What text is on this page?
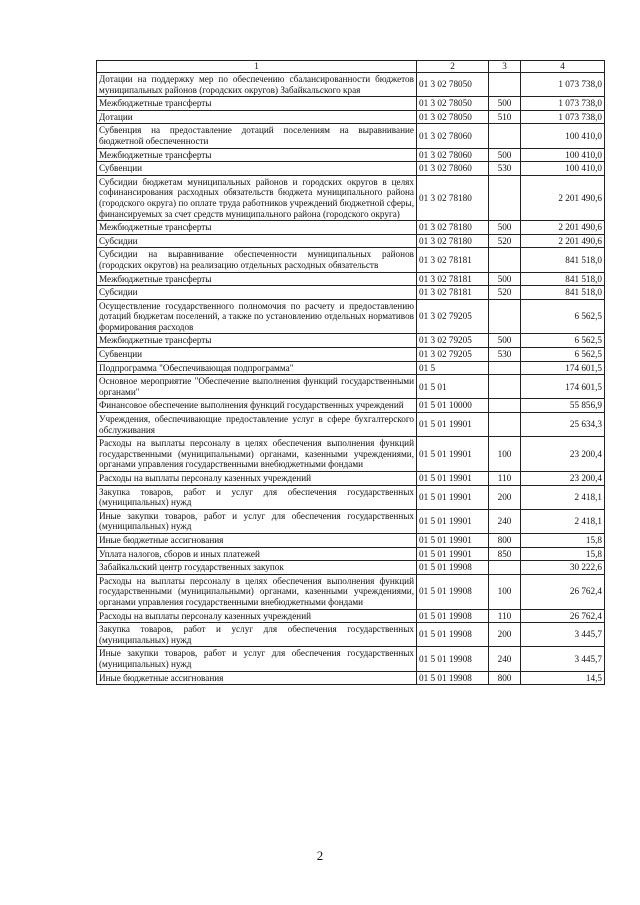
1	2	3	4
Дотации на поддержку мер по обеспечению сбалансированности бюджетов муниципальных районов (городских округов) Забайкальского края	01 3 02 78050		1 073 738,0
Межбюджетные трансферты	01 3 02 78050	500	1 073 738,0
Дотации	01 3 02 78050	510	1 073 738,0
Субвенция на предоставление дотаций поселениям на выравнивание бюджетной обеспеченности	01 3 02 78060		100 410,0
Межбюджетные трансферты	01 3 02 78060	500	100 410,0
Субвенции	01 3 02 78060	530	100 410,0
Субсидии бюджетам муниципальных районов и городских округов в целях софинансирования расходных обязательств бюджета муниципального района (городского округа) по оплате труда работников учреждений бюджетной сферы, финансируемых за счет средств муниципального района (городского округа)	01 3 02 78180		2 201 490,6
Межбюджетные трансферты	01 3 02 78180	500	2 201 490,6
Субсидии	01 3 02 78180	520	2 201 490,6
Субсидии на выравнивание обеспеченности муниципальных районов (городских округов) на реализацию отдельных расходных обязательств	01 3 02 78181		841 518,0
Межбюджетные трансферты	01 3 02 78181	500	841 518,0
Субсидии	01 3 02 78181	520	841 518,0
Осуществление государственного полномочия по расчету и предоставлению дотаций бюджетам поселений, а также по установлению отдельных нормативов формирования расходов	01 3 02 79205		6 562,5
Межбюджетные трансферты	01 3 02 79205	500	6 562,5
Субвенции	01 3 02 79205	530	6 562,5
Подпрограмма "Обеспечивающая подпрограмма"	01 5		174 601,5
Основное мероприятие "Обеспечение выполнения функций государственными органами"	01 5 01		174 601,5
Финансовое обеспечение выполнения функций государственных учреждений	01 5 01 10000		55 856,9
Учреждения, обеспечивающие предоставление услуг в сфере бухгалтерского обслуживания	01 5 01 19901		25 634,3
Расходы на выплаты персоналу в целях обеспечения выполнения функций государственными (муниципальными) органами, казенными учреждениями, органами управления государственными внебюджетными фондами	01 5 01 19901	100	23 200,4
Расходы на выплаты персоналу казенных учреждений	01 5 01 19901	110	23 200,4
Закупка товаров, работ и услуг для обеспечения государственных (муниципальных) нужд	01 5 01 19901	200	2 418,1
Иные закупки товаров, работ и услуг для обеспечения государственных (муниципальных) нужд	01 5 01 19901	240	2 418,1
Иные бюджетные ассигнования	01 5 01 19901	800	15,8
Уплата налогов, сборов и иных платежей	01 5 01 19901	850	15,8
Забайкальский центр государственных закупок	01 5 01 19908		30 222,6
Расходы на выплаты персоналу в целях обеспечения выполнения функций государственными (муниципальными) органами, казенными учреждениями, органами управления государственными внебюджетными фондами	01 5 01 19908	100	26 762,4
Расходы на выплаты персоналу казенных учреждений	01 5 01 19908	110	26 762,4
Закупка товаров, работ и услуг для обеспечения государственных (муниципальных) нужд	01 5 01 19908	200	3 445,7
Иные закупки товаров, работ и услуг для обеспечения государственных (муниципальных) нужд	01 5 01 19908	240	3 445,7
Иные бюджетные ассигнования	01 5 01 19908	800	14,5
2
